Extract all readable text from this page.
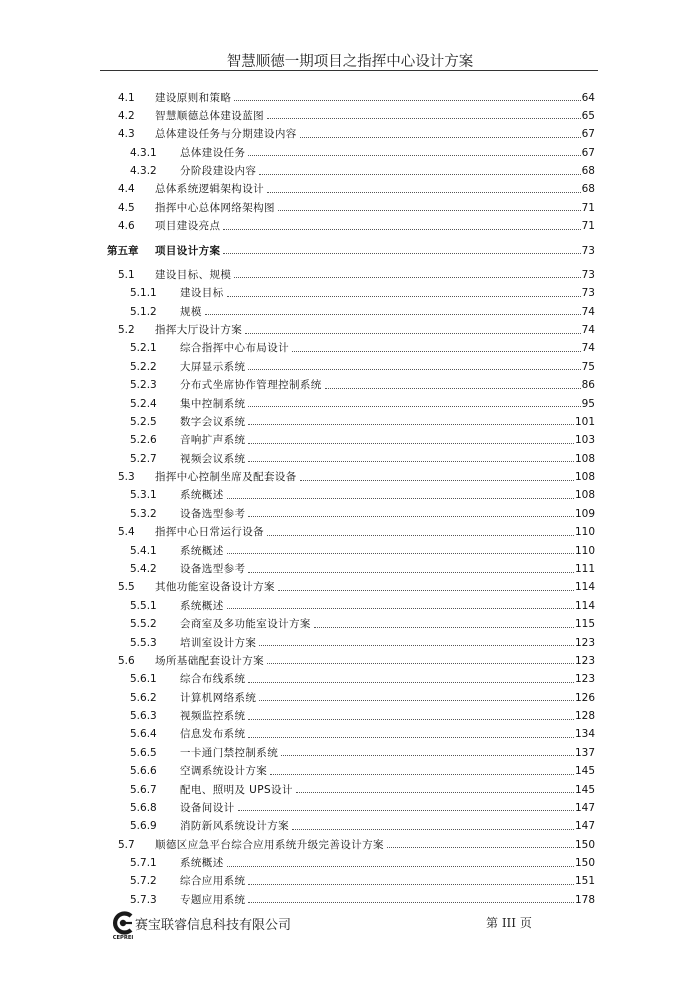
智慧顺德一期项目之指挥中心设计方案
4.1	建设原则和策略	64
4.2	智慧顺德总体建设蓝图	65
4.3	总体建设任务与分期建设内容	67
4.3.1	总体建设任务	67
4.3.2	分阶段建设内容	68
4.4	总体系统逻辑架构设计	68
4.5	指挥中心总体网络架构图	71
4.6	项目建设亮点	71
第五章	项目设计方案	73
5.1	建设目标、规模	73
5.1.1	建设目标	73
5.1.2	规模	74
5.2	指挥大厅设计方案	74
5.2.1	综合指挥中心布局设计	74
5.2.2	大屏显示系统	75
5.2.3	分布式坐席协作管理控制系统	86
5.2.4	集中控制系统	95
5.2.5	数字会议系统	101
5.2.6	音响扩声系统	103
5.2.7	视频会议系统	108
5.3	指挥中心控制坐席及配套设备	108
5.3.1	系统概述	108
5.3.2	设备选型参考	109
5.4	指挥中心日常运行设备	110
5.4.1	系统概述	110
5.4.2	设备选型参考	111
5.5	其他功能室设备设计方案	114
5.5.1	系统概述	114
5.5.2	会商室及多功能室设计方案	115
5.5.3	培训室设计方案	123
5.6	场所基础配套设计方案	123
5.6.1	综合布线系统	123
5.6.2	计算机网络系统	126
5.6.3	视频监控系统	128
5.6.4	信息发布系统	134
5.6.5	一卡通门禁控制系统	137
5.6.6	空调系统设计方案	145
5.6.7	配电、照明及 UPS设计	145
5.6.8	设备间设计	147
5.6.9	消防新风系统设计方案	147
5.7	顺德区应急平台综合应用系统升级完善设计方案	150
5.7.1	系统概述	150
5.7.2	综合应用系统	151
5.7.3	专题应用系统	178
CEPREI
赛宝联睿信息科技有限公司	第 III 页
